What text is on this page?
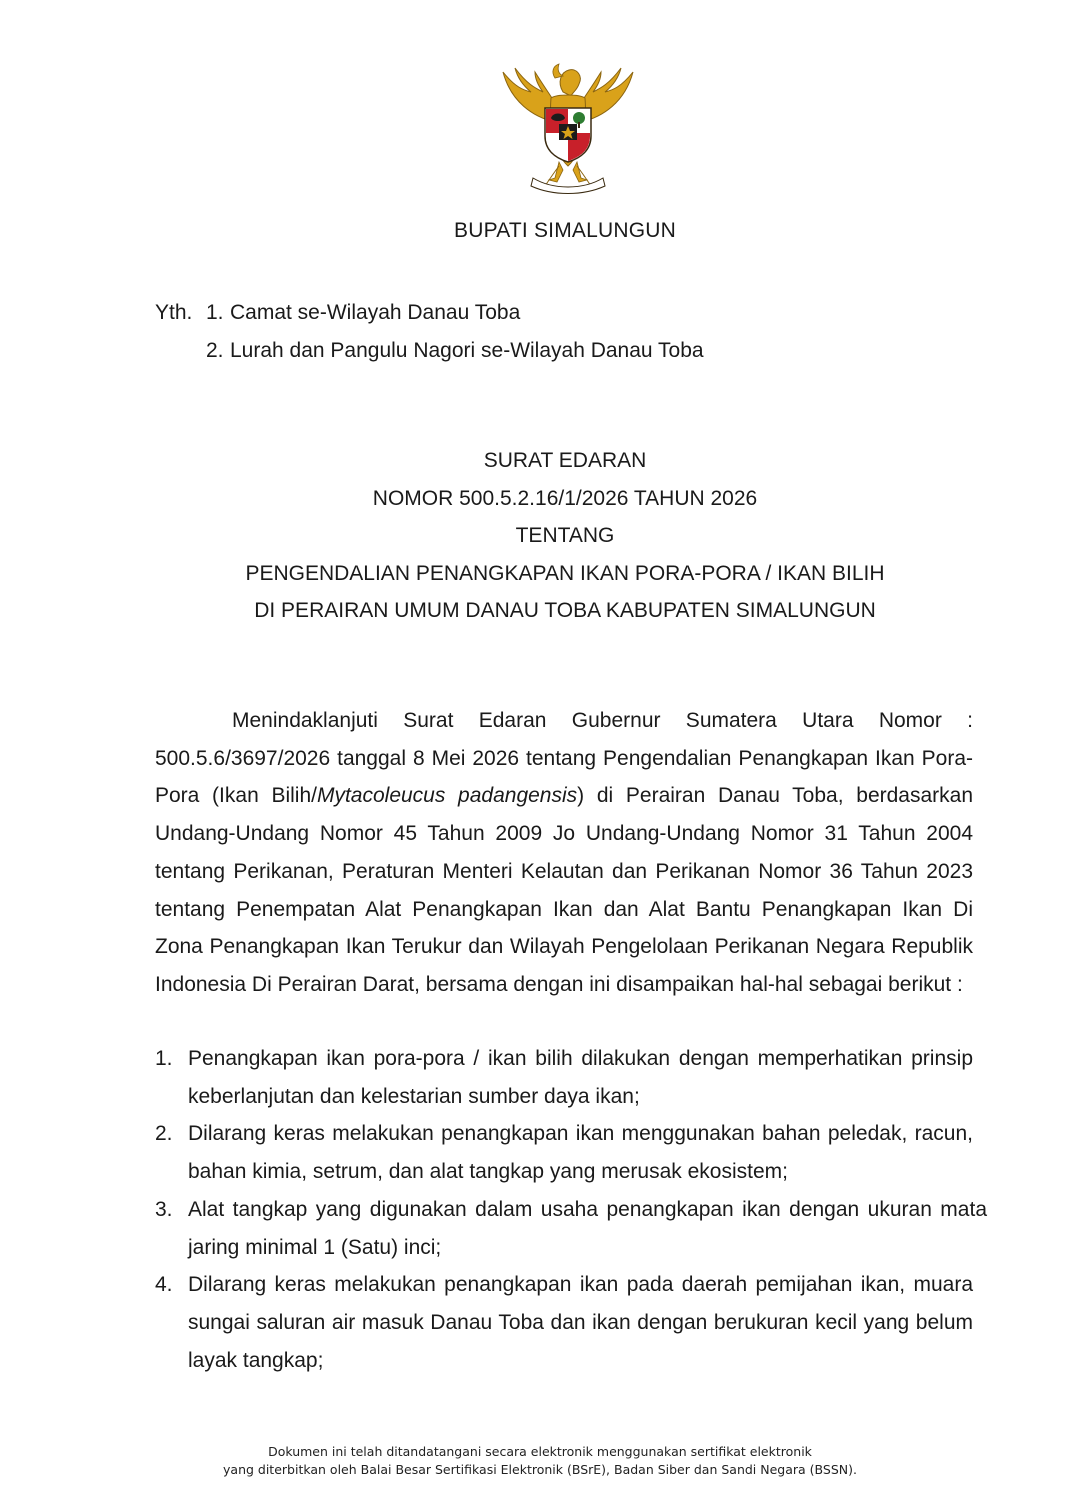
BUPATI SIMALUNGUN
Yth. 1. Camat se-Wilayah Danau Toba
2. Lurah dan Pangulu Nagori se-Wilayah Danau Toba
SURAT EDARAN
NOMOR 500.5.2.16/1/2026 TAHUN 2026
TENTANG
PENGENDALIAN PENANGKAPAN IKAN PORA-PORA / IKAN BILIH
DI PERAIRAN UMUM DANAU TOBA KABUPATEN SIMALUNGUN

Menindaklanjuti Surat Edaran Gubernur Sumatera Utara Nomor : 500.5.6/3697/2026 tanggal 8 Mei 2026 tentang Pengendalian Penangkapan Ikan Pora-Pora (Ikan Bilih/Mytacoleucus padangensis) di Perairan Danau Toba, berdasarkan Undang-Undang Nomor 45 Tahun 2009 Jo Undang-Undang Nomor 31 Tahun 2004 tentang Perikanan, Peraturan Menteri Kelautan dan Perikanan Nomor 36 Tahun 2023 tentang Penempatan Alat Penangkapan Ikan dan Alat Bantu Penangkapan Ikan Di Zona Penangkapan Ikan Terukur dan Wilayah Pengelolaan Perikanan Negara Republik Indonesia Di Perairan Darat, bersama dengan ini disampaikan hal-hal sebagai berikut :

1. Penangkapan ikan pora-pora / ikan bilih dilakukan dengan memperhatikan prinsip keberlanjutan dan kelestarian sumber daya ikan;
2. Dilarang keras melakukan penangkapan ikan menggunakan bahan peledak, racun, bahan kimia, setrum, dan alat tangkap yang merusak ekosistem;
3. Alat tangkap yang digunakan dalam usaha penangkapan ikan dengan ukuran mata jaring minimal 1 (Satu) inci;
4. Dilarang keras melakukan penangkapan ikan pada daerah pemijahan ikan, muara sungai saluran air masuk Danau Toba dan ikan dengan berukuran kecil yang belum layak tangkap;
Dokumen ini telah ditandatangani secara elektronik menggunakan sertifikat elektronik
yang diterbitkan oleh Balai Besar Sertifikasi Elektronik (BSrE), Badan Siber dan Sandi Negara (BSSN).
